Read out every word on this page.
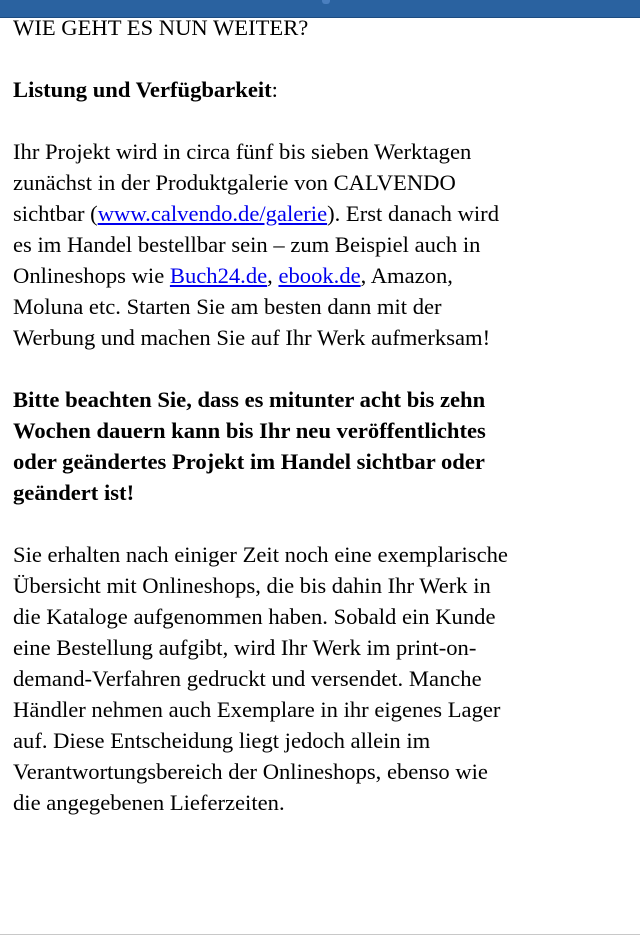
WIE GEHT ES NUN WEITER?

Listung und Verfügbarkeit:

Ihr Projekt wird in circa fünf bis sieben Werktagen zunächst in der Produktgalerie von CALVENDO sichtbar (www.calvendo.de/galerie). Erst danach wird es im Handel bestellbar sein – zum Beispiel auch in Onlineshops wie Buch24.de, ebook.de, Amazon, Moluna etc. Starten Sie am besten dann mit der Werbung und machen Sie auf Ihr Werk aufmerksam!

Bitte beachten Sie, dass es mitunter acht bis zehn Wochen dauern kann bis Ihr neu veröffentlichtes oder geändertes Projekt im Handel sichtbar oder geändert ist!

Sie erhalten nach einiger Zeit noch eine exemplarische Übersicht mit Onlineshops, die bis dahin Ihr Werk in die Kataloge aufgenommen haben. Sobald ein Kunde eine Bestellung aufgibt, wird Ihr Werk im print-on-demand-Verfahren gedruckt und versendet. Manche Händler nehmen auch Exemplare in ihr eigenes Lager auf. Diese Entscheidung liegt jedoch allein im Verantwortungsbereich der Onlineshops, ebenso wie die angegebenen Lieferzeiten.
